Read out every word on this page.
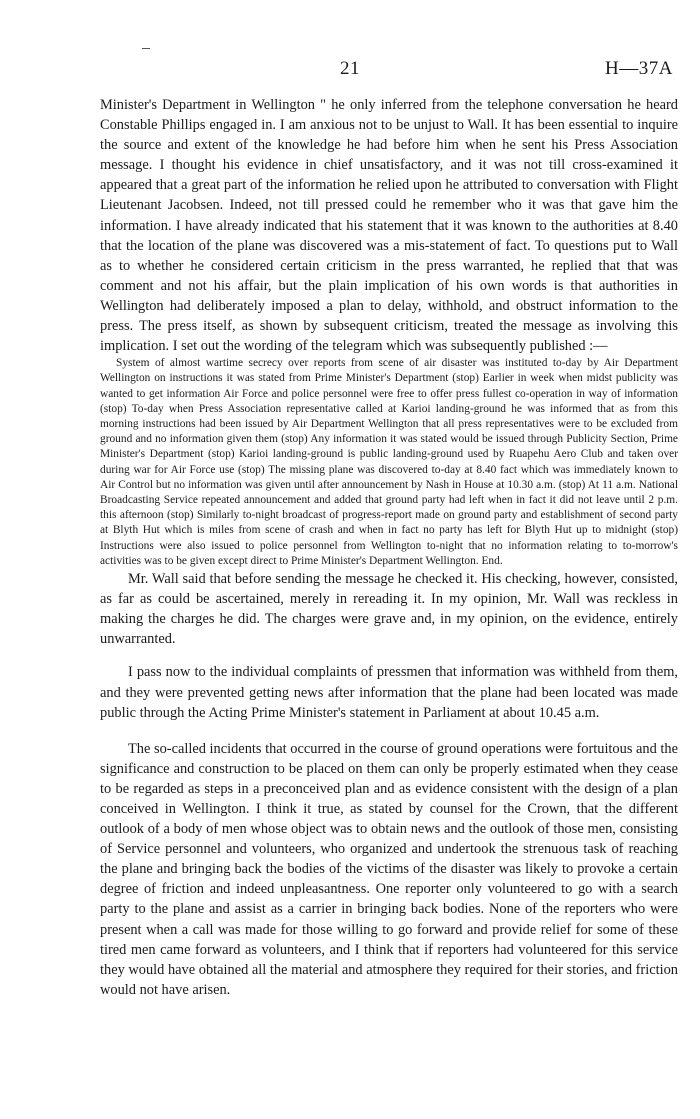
21	H—37A

Minister's Department in Wellington " he only inferred from the telephone conversation he heard Constable Phillips engaged in. I am anxious not to be unjust to Wall. It has been essential to inquire the source and extent of the knowledge he had before him when he sent his Press Association message. I thought his evidence in chief unsatisfactory, and it was not till cross-examined it appeared that a great part of the information he relied upon he attributed to conversation with Flight Lieutenant Jacobsen. Indeed, not till pressed could he remember who it was that gave him the information. I have already indicated that his statement that it was known to the authorities at 8.40 that the location of the plane was discovered was a mis-statement of fact. To questions put to Wall as to whether he considered certain criticism in the press warranted, he replied that that was comment and not his affair, but the plain implication of his own words is that authorities in Wellington had deliberately imposed a plan to delay, withhold, and obstruct information to the press. The press itself, as shown by subsequent criticism, treated the message as involving this implication. I set out the wording of the telegram which was subsequently published :—

System of almost wartime secrecy over reports from scene of air disaster was instituted to-day by Air Department Wellington on instructions it was stated from Prime Minister's Department (stop) Earlier in week when midst publicity was wanted to get information Air Force and police personnel were free to offer press fullest co-operation in way of information (stop) To-day when Press Association representative called at Karioi landing-ground he was informed that as from this morning instructions had been issued by Air Department Wellington that all press representatives were to be excluded from ground and no information given them (stop) Any information it was stated would be issued through Publicity Section, Prime Minister's Department (stop) Karioi landing-ground is public landing-ground used by Ruapehu Aero Club and taken over during war for Air Force use (stop) The missing plane was discovered to-day at 8.40 fact which was immediately known to Air Control but no information was given until after announcement by Nash in House at 10.30 a.m. (stop) At 11 a.m. National Broadcasting Service repeated announcement and added that ground party had left when in fact it did not leave until 2 p.m. this afternoon (stop) Similarly to-night broadcast of progress-report made on ground party and establishment of second party at Blyth Hut which is miles from scene of crash and when in fact no party has left for Blyth Hut up to midnight (stop) Instructions were also issued to police personnel from Wellington to-night that no information relating to to-morrow's activities was to be given except direct to Prime Minister's Department Wellington. End.

Mr. Wall said that before sending the message he checked it. His checking, however, consisted, as far as could be ascertained, merely in rereading it. In my opinion, Mr. Wall was reckless in making the charges he did. The charges were grave and, in my opinion, on the evidence, entirely unwarranted.

I pass now to the individual complaints of pressmen that information was withheld from them, and they were prevented getting news after information that the plane had been located was made public through the Acting Prime Minister's statement in Parliament at about 10.45 a.m.

The so-called incidents that occurred in the course of ground operations were fortuitous and the significance and construction to be placed on them can only be properly estimated when they cease to be regarded as steps in a preconceived plan and as evidence consistent with the design of a plan conceived in Wellington. I think it true, as stated by counsel for the Crown, that the different outlook of a body of men whose object was to obtain news and the outlook of those men, consisting of Service personnel and volunteers, who organized and undertook the strenuous task of reaching the plane and bringing back the bodies of the victims of the disaster was likely to provoke a certain degree of friction and indeed unpleasantness. One reporter only volunteered to go with a search party to the plane and assist as a carrier in bringing back bodies. None of the reporters who were present when a call was made for those willing to go forward and provide relief for some of these tired men came forward as volunteers, and I think that if reporters had volunteered for this service they would have obtained all the material and atmosphere they required for their stories, and friction would not have arisen.
